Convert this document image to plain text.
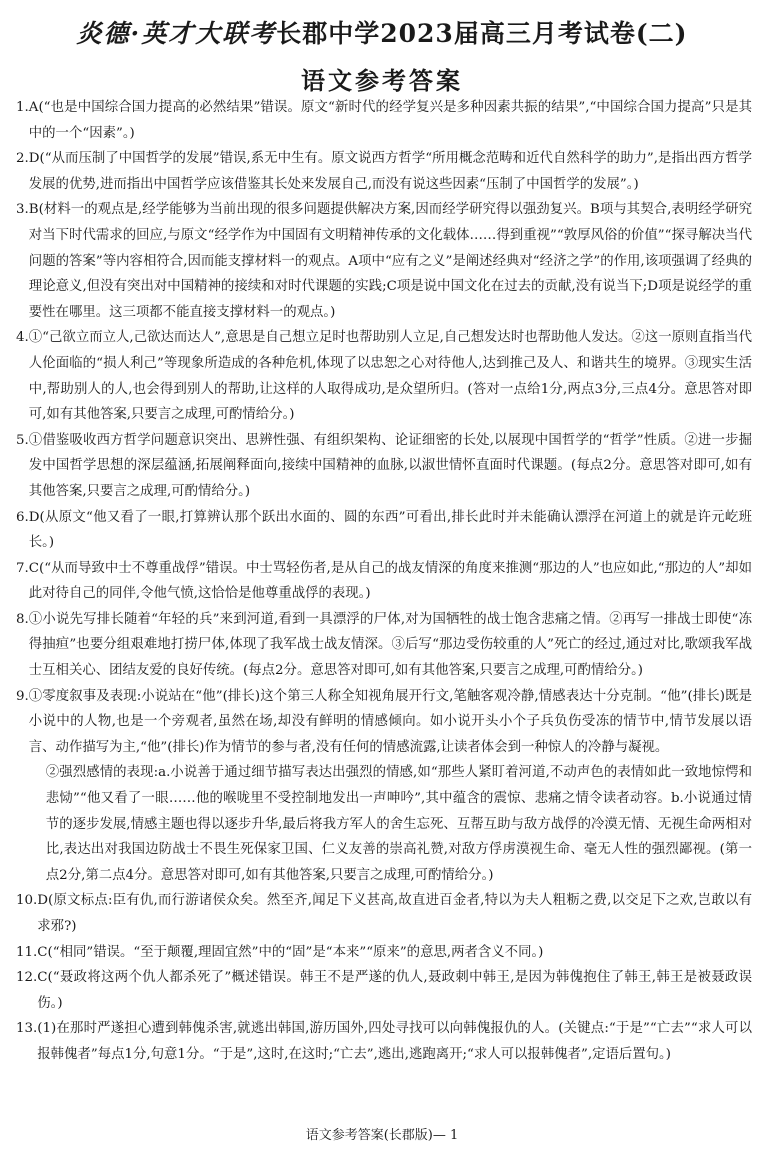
炎德·英才大联考长郡中学2023届高三月考试卷(二)
语文参考答案
1. A(“也是中国综合国力提高的必然结果”错误。原文“新时代的经学复兴是多种因素共振的结果”,“中国综合国力提高”只是其中的一个“因素”。)
2. D(“从而压制了中国哲学的发展”错误,系无中生有。原文说西方哲学“所用概念范畴和近代自然科学的助力”,是指出西方哲学发展的优势,进而指出中国哲学应该借鉴其长处来发展自己,而没有说这些因素“压制了中国哲学的发展”。)
3. B(材料一的观点是,经学能够为当前出现的很多问题提供解决方案,因而经学研究得以强劲复兴。B项与其契合,表明经学研究对当下时代需求的回应,与原文“经学作为中国固有文明精神传承的文化载体……得到重视”“敦厚风俗的价值”“探寻解决当代问题的答案”等内容相符合,因而能支撑材料一的观点。A项中“应有之义”是阐述经典对“经济之学”的作用,该项强调了经典的理论意义,但没有突出对中国精神的接续和对时代课题的实践;C项是说中国文化在过去的贡献,没有说当下;D项是说经学的重要性在哪里。这三项都不能直接支撑材料一的观点。)
4. ①“己欲立而立人,己欲达而达人”,意思是自己想立足时也帮助别人立足,自己想发达时也帮助他人发达。②这一原则直指当代人伦面临的“损人利己”等现象所造成的各种危机,体现了以忠恕之心对待他人,达到推己及人、和谐共生的境界。③现实生活中,帮助别人的人,也会得到别人的帮助,让这样的人取得成功,是众望所归。(答对一点给1分,两点3分,三点4分。意思答对即可,如有其他答案,只要言之成理,可酌情给分。)
5. ①借鉴吸收西方哲学问题意识突出、思辨性强、有组织架构、论证细密的长处,以展现中国哲学的“哲学”性质。②进一步掘发中国哲学思想的深层蕴涵,拓展阐释面向,接续中国精神的血脉,以淑世情怀直面时代课题。(每点2分。意思答对即可,如有其他答案,只要言之成理,可酌情给分。)
6. D(从原文“他又看了一眼,打算辨认那个跃出水面的、圆的东西”可看出,排长此时并未能确认漂浮在河道上的就是许元屹班长。)
7. C(“从而导致中士不尊重战俘”错误。中士骂轻伤者,是从自己的战友情深的角度来推测“那边的人”也应如此,“那边的人”却如此对待自己的同伴,令他气愤,这恰恰是他尊重战俘的表现。)
8. ①小说先写排长随着“年轻的兵”来到河道,看到一具漂浮的尸体,对为国牺牲的战士饱含悲痛之情。②再写一排战士即使“冻得抽疸”也要分组艰难地打捞尸体,体现了我军战士战友情深。③后写“那边受伤较重的人”死亡的经过,通过对比,歌颂我军战士互相关心、团结友爱的良好传统。(每点2分。意思答对即可,如有其他答案,只要言之成理,可酌情给分。)
9. ①零度叙事及表现:小说站在“他”(排长)这个第三人称全知视角展开行文,笔触客观冷静,情感表达十分克制。“他”(排长)既是小说中的人物,也是一个旁观者,虽然在场,却没有鲜明的情感倾向。如小说开头小个子兵负伤受冻的情节中,情节发展以语言、动作描写为主,“他”(排长)作为情节的参与者,没有任何的情感流露,让读者体会到一种惊人的冷静与凝视。

②强烈感情的表现:a.小说善于通过细节描写表达出强烈的情感,如“那些人紧盯着河道,不动声色的表情如此一致地惊愕和悲恸”“他又看了一眼……他的喉咙里不受控制地发出一声呻吟”,其中蕴含的震惊、悲痛之情令读者动容。b.小说通过情节的逐步发展,情感主题也得以逐步升华,最后将我方军人的舍生忘死、互帮互助与敌方战俘的冷漠无情、无视生命两相对比,表达出对我国边防战士不畏生死保家卫国、仁义友善的崇高礼赞,对敌方俘虏漠视生命、毫无人性的强烈鄙视。(第一点2分,第二点4分。意思答对即可,如有其他答案,只要言之成理,可酌情给分。)

10. D(原文标点:臣有仇,而行游诸侯众矣。然至齐,闻足下义甚高,故直进百金者,特以为夫人粗粝之费,以交足下之欢,岂敢以有求邪?)
11. C(“相同”错误。“至于颠覆,理固宜然”中的“固”是“本来”“原来”的意思,两者含义不同。)
12. C(“聂政将这两个仇人都杀死了”概述错误。韩王不是严遂的仇人,聂政刺中韩王,是因为韩傀抱住了韩王,韩王是被聂政误伤。)
13. (1)在那时严遂担心遭到韩傀杀害,就逃出韩国,游历国外,四处寻找可以向韩傀报仇的人。(关键点:“于是”“亡去”“求人可以报韩傀者”每点1分,句意1分。“于是”,这时,在这时;“亡去”,逃出,逃跑离开;“求人可以报韩傀者”,定语后置句。)
语文参考答案(长郡版)— 1
